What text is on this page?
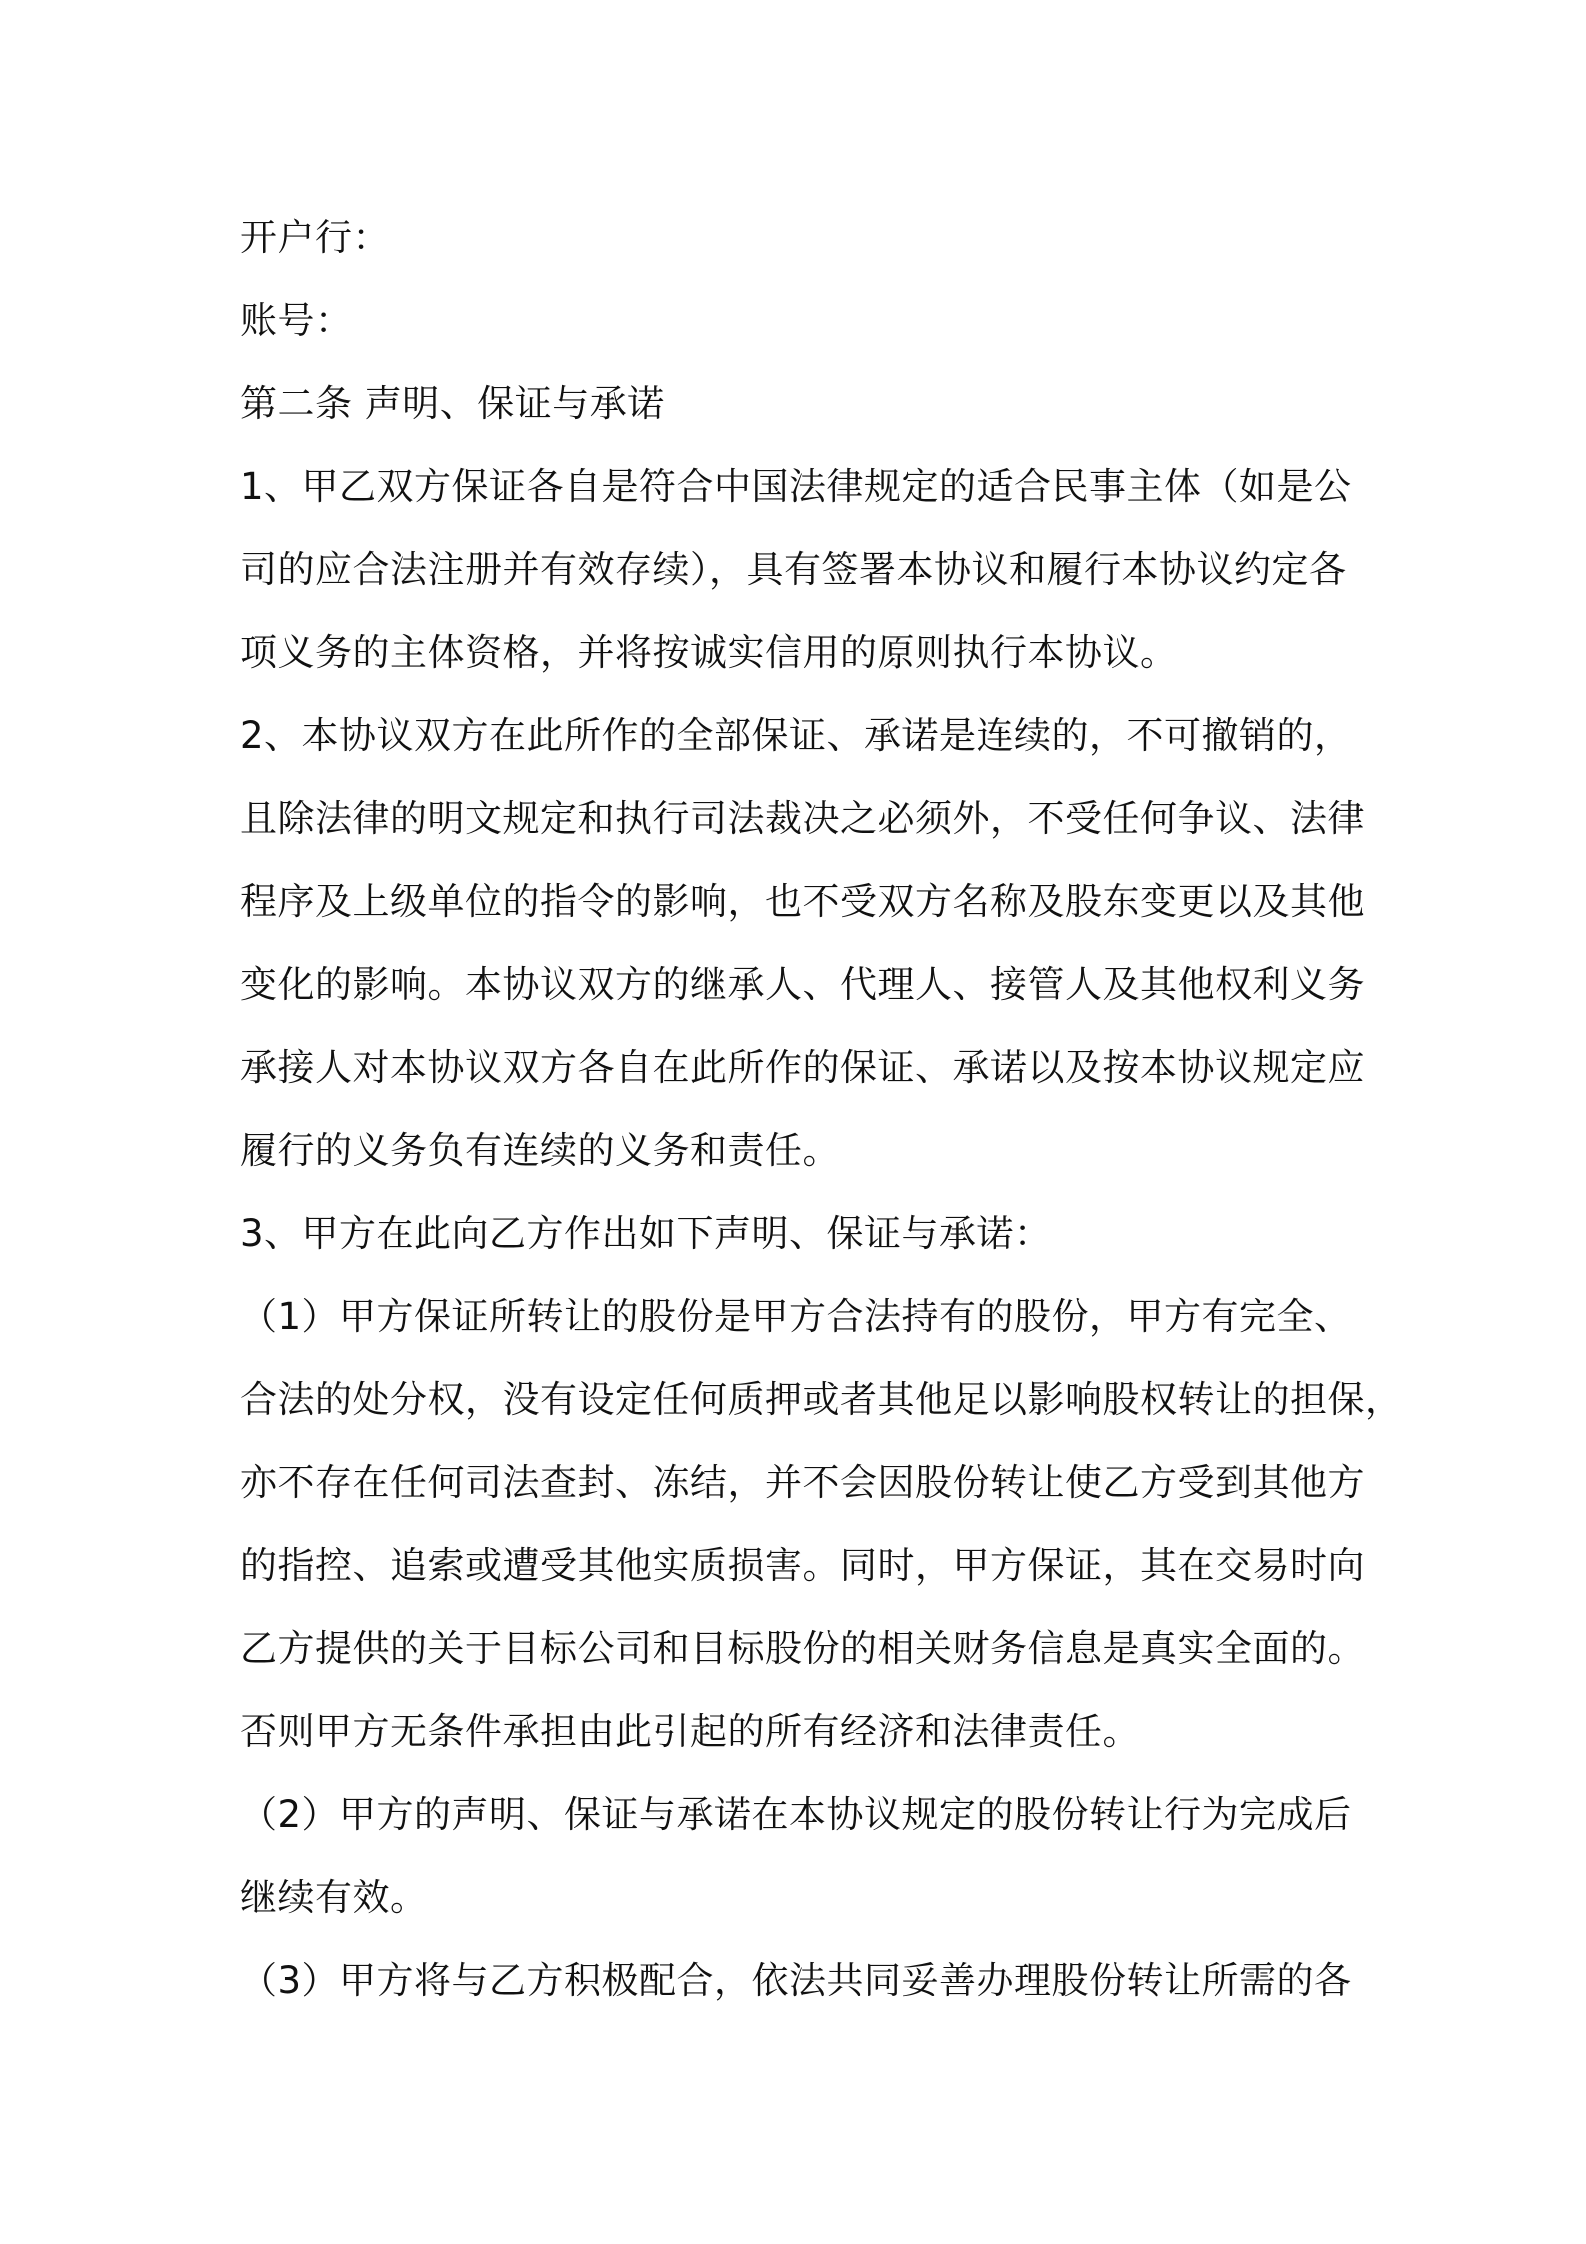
开户行：
账号：
第二条 声明、保证与承诺
1、甲乙双方保证各自是符合中国法律规定的适合民事主体（如是公
司的应合法注册并有效存续），具有签署本协议和履行本协议约定各
项义务的主体资格，并将按诚实信用的原则执行本协议。
2、本协议双方在此所作的全部保证、承诺是连续的，不可撤销的，
且除法律的明文规定和执行司法裁决之必须外，不受任何争议、法律
程序及上级单位的指令的影响，也不受双方名称及股东变更以及其他
变化的影响。本协议双方的继承人、代理人、接管人及其他权利义务
承接人对本协议双方各自在此所作的保证、承诺以及按本协议规定应
履行的义务负有连续的义务和责任。
3、甲方在此向乙方作出如下声明、保证与承诺：
（1）甲方保证所转让的股份是甲方合法持有的股份，甲方有完全、
合法的处分权，没有设定任何质押或者其他足以影响股权转让的担保，
亦不存在任何司法查封、冻结，并不会因股份转让使乙方受到其他方
的指控、追索或遭受其他实质损害。同时，甲方保证，其在交易时向
乙方提供的关于目标公司和目标股份的相关财务信息是真实全面的。
否则甲方无条件承担由此引起的所有经济和法律责任。
（2）甲方的声明、保证与承诺在本协议规定的股份转让行为完成后
继续有效。
（3）甲方将与乙方积极配合，依法共同妥善办理股份转让所需的各
